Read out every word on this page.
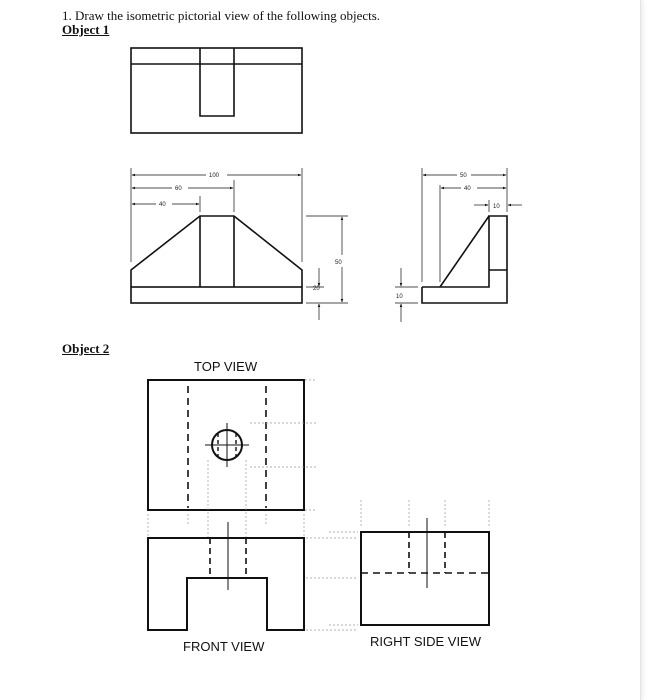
1. Draw the isometric pictorial view of the following objects.
Object 1
100
60
40
50
20
50
40
10
10
Object 2
TOP VIEW
FRONT VIEW	RIGHT SIDE VIEW
